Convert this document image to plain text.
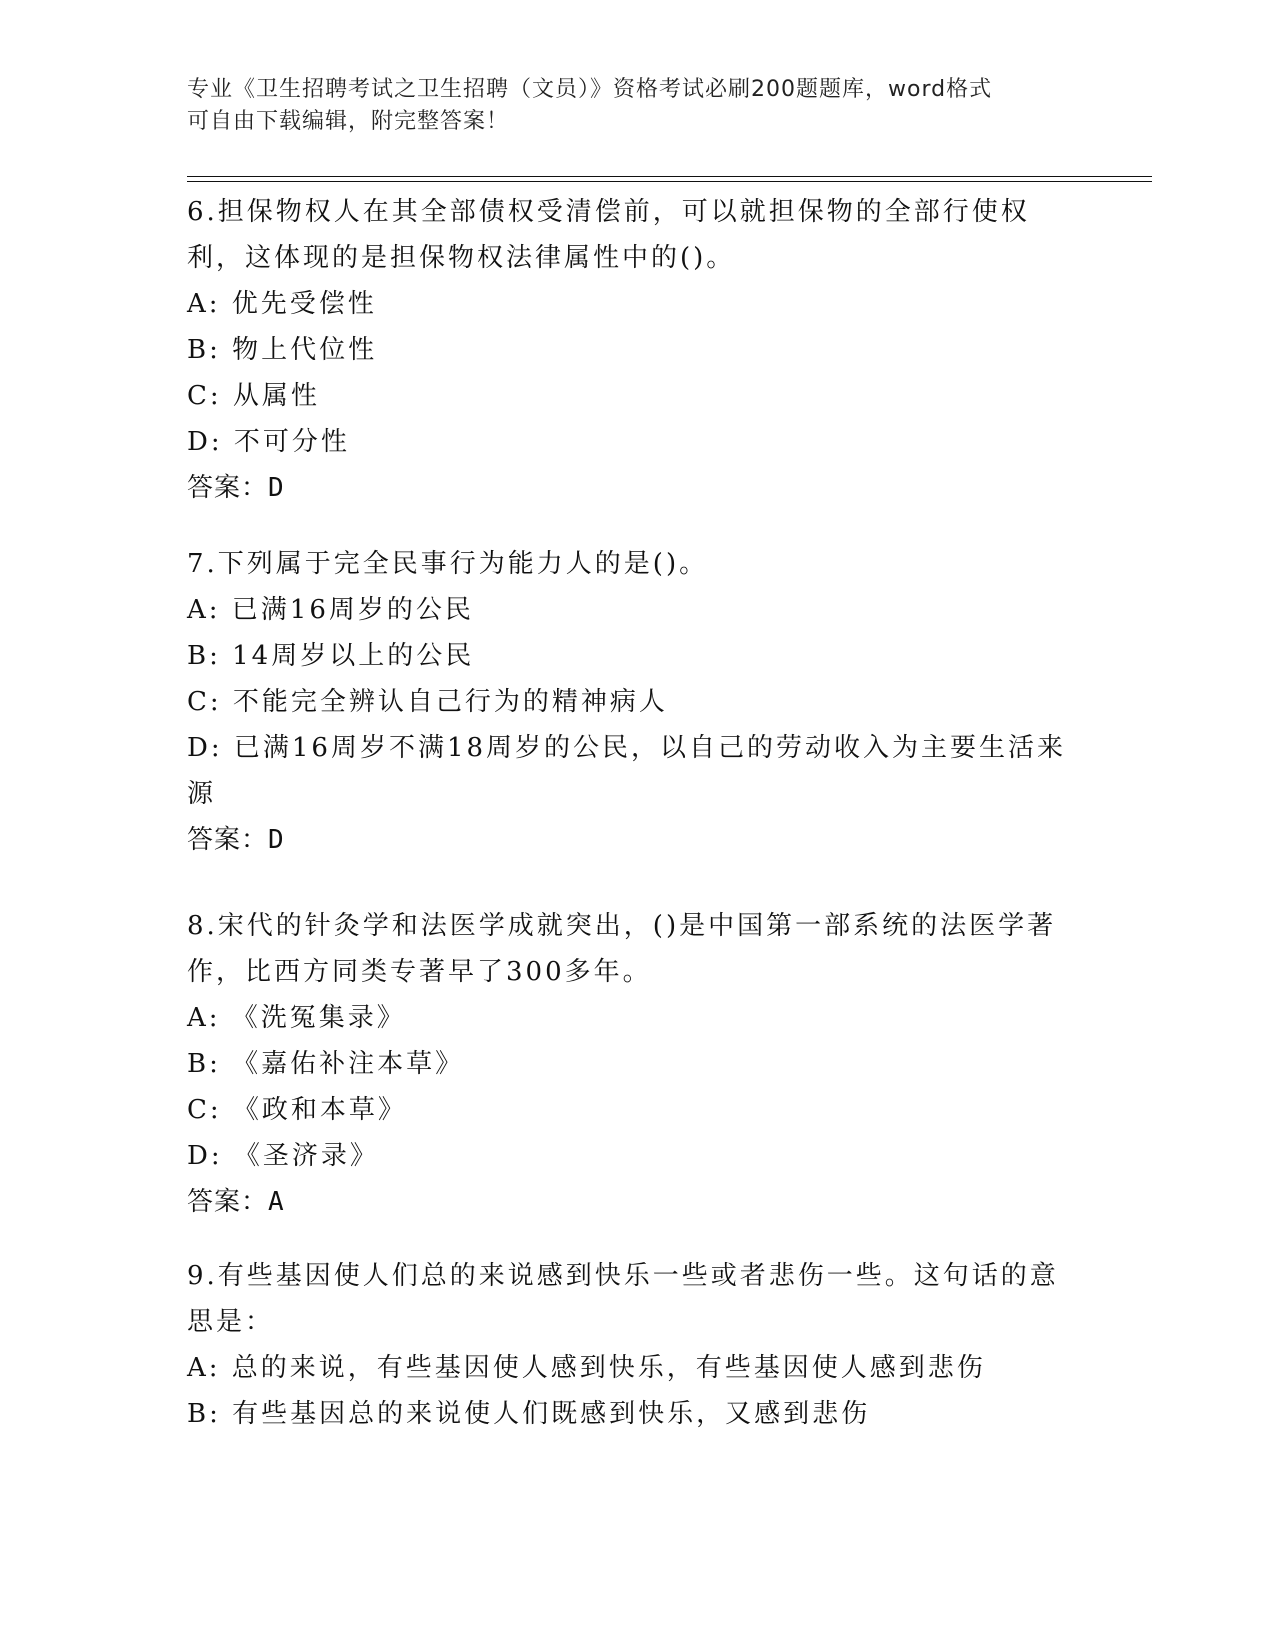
专业《卫生招聘考试之卫生招聘（文员）》资格考试必刷200题题库，word格式
可自由下载编辑，附完整答案！
6.担保物权人在其全部债权受清偿前，可以就担保物的全部行使权利，这体现的是担保物权法律属性中的()。
A: 优先受偿性
B: 物上代位性
C: 从属性
D: 不可分性
答案：D
7.下列属于完全民事行为能力人的是()。
A: 已满16周岁的公民
B: 14周岁以上的公民
C: 不能完全辨认自己行为的精神病人
D: 已满16周岁不满18周岁的公民，以自己的劳动收入为主要生活来源
答案：D
8.宋代的针灸学和法医学成就突出，()是中国第一部系统的法医学著作，比西方同类专著早了300多年。
A: 《洗冤集录》
B: 《嘉佑补注本草》
C: 《政和本草》
D: 《圣济录》
答案：A
9.有些基因使人们总的来说感到快乐一些或者悲伤一些。这句话的意思是：
A: 总的来说，有些基因使人感到快乐，有些基因使人感到悲伤
B: 有些基因总的来说使人们既感到快乐，又感到悲伤
